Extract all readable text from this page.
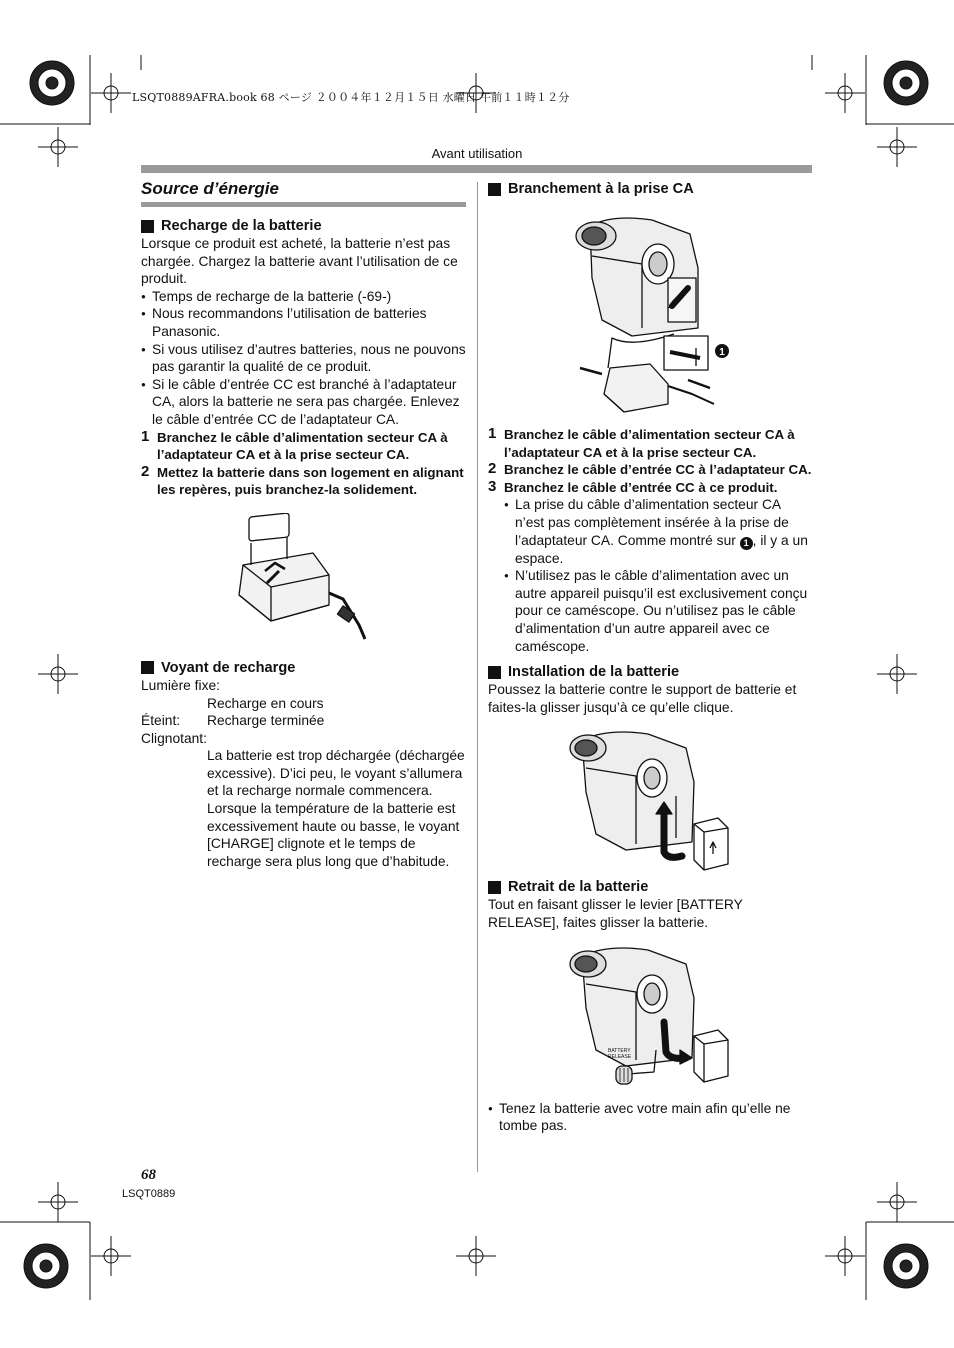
LSQT0889AFRA.book 68 ページ ２００４年１２月１５日 水曜日 午前１１時１２分
Avant utilisation
Source d’énergie
Recharge de la batterie

Lorsque ce produit est acheté, la batterie n’est pas chargée. Chargez la batterie avant l’utilisation de ce produit.

● Temps de recharge de la batterie (-69-)

● Nous recommandons l’utilisation de batteries Panasonic.

● Si vous utilisez d’autres batteries, nous ne pouvons pas garantir la qualité de ce produit.

● Si le câble d’entrée CC est branché à l’adaptateur CA, alors la batterie ne sera pas chargée. Enlevez le câble d’entrée CC de l’adaptateur CA.

1 Branchez le câble d’alimentation secteur CA à l’adaptateur CA et à la prise secteur CA.
2 Mettez la batterie dans son logement en alignant les repères, puis branchez-la solidement.
Voyant de recharge

Lumière fixe:

Recharge en cours

Éteint:	Recharge terminée

Clignotant:

La batterie est trop déchargée (déchargée excessive). D’ici peu, le voyant s’allumera et la recharge normale commencera.

Lorsque la température de la batterie est excessivement haute ou basse, le voyant [CHARGE] clignote et le temps de recharge sera plus long que d’habitude.

Branchement à la prise CA
1
1 Branchez le câble d’alimentation secteur CA à l’adaptateur CA et à la prise secteur CA.
2 Branchez le câble d’entrée CC à l’adaptateur CA.
3 Branchez le câble d’entrée CC à ce produit.

● La prise du câble d’alimentation secteur CA n’est pas complètement insérée à la prise de l’adaptateur CA. Comme montré sur 1 , il y a un espace.

● N’utilisez pas le câble d’alimentation avec un autre appareil puisqu’il est exclusivement conçu pour ce caméscope. Ou n’utilisez pas le câble d’alimentation d’un autre appareil avec ce caméscope.

Installation de la batterie

Poussez la batterie contre le support de batterie et faites-la glisser jusqu’à ce qu’elle clique.

Retrait de la batterie

Tout en faisant glisser le levier [BATTERY RELEASE], faites glisser la batterie.

BATTERY
RELEASE

● Tenez la batterie avec votre main afin qu’elle ne tombe pas.

68
LSQT0889
